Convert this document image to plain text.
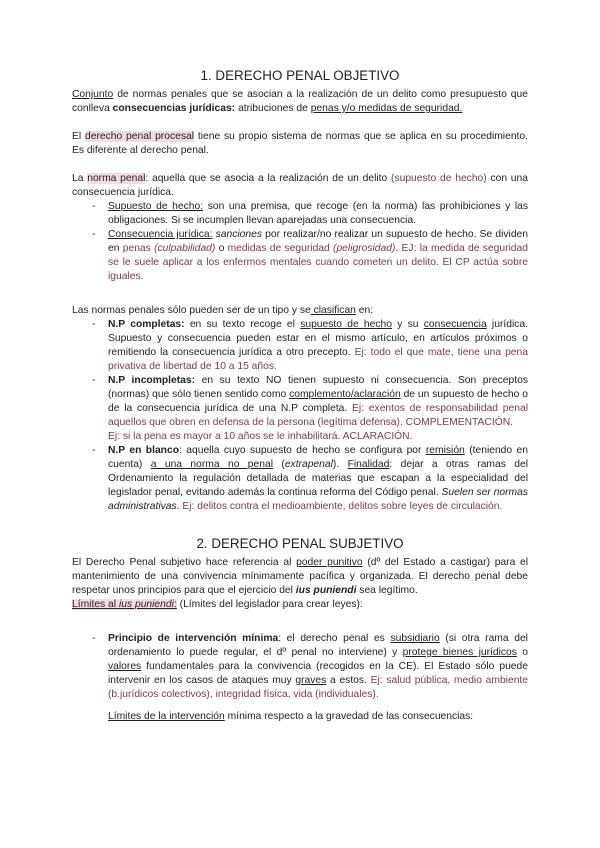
1. DERECHO PENAL OBJETIVO

Conjunto de normas penales que se asocian a la realización de un delito como presupuesto que conlleva consecuencias jurídicas: atribuciones de penas y/o medidas de seguridad.

El derecho penal procesal tiene su propio sistema de normas que se aplica en su procedimiento. Es diferente al derecho penal.

La norma penal: aquella que se asocia a la realización de un delito (supuesto de hecho) con una consecuencia jurídica.

- Supuesto de hecho: son una premisa, que recoge (en la norma) las prohibiciones y las obligaciones. Si se incumplen llevan aparejadas una consecuencia.
- Consecuencia jurídica: sanciones por realizar/no realizar un supuesto de hecho. Se dividen en penas (culpabilidad) o medidas de seguridad (peligrosidad). EJ: la medida de seguridad se le suele aplicar a los enfermos mentales cuando cometen un delito. El CP actúa sobre iguales.

Las normas penales sólo pueden ser de un tipo y se clasifican en:

- N.P completas: en su texto recoge el supuesto de hecho y su consecuencia jurídica. Supuesto y consecuencia pueden estar en el mismo artículo, en artículos próximos o remitiendo la consecuencia jurídica a otro precepto. Ej: todo el que mate, tiene una pena privativa de libertad de 10 a 15 años.
- N.P incompletas: en su texto NO tienen supuesto ni consecuencia. Son preceptos (normas) que sólo tienen sentido como complemento/aclaración de un supuesto de hecho o de la consecuencia jurídica de una N.P completa. Ej: exentos de responsabilidad penal aquellos que obren en defensa de la persona (legítima defensa). COMPLEMENTACIÓN.
Ej: si la pena es mayor a 10 años se le inhabilitará. ACLARACIÓN.
- N.P en blanco: aquella cuyo supuesto de hecho se configura por remisión (teniendo en cuenta) a una norma no penal (extrapenal). Finalidad: dejar a otras ramas del Ordenamiento la regulación detallada de materias que escapan a la especialidad del legislador penal, evitando además la continua reforma del Código penal. Suelen ser normas administrativas. Ej: delitos contra el medioambiente, delitos sobre leyes de circulación.
2. DERECHO PENAL SUBJETIVO

El Derecho Penal subjetivo hace referencia al poder punitivo (dº del Estado a castigar) para el mantenimiento de una convivencia mínimamente pacífica y organizada. El derecho penal debe respetar unos principios para que el ejercicio del ius puniendi sea legítimo.

Límites al ius puniendi: (Límites del legislador para crear leyes):

- Principio de intervención mínima: el derecho penal es subsidiario (si otra rama del ordenamiento lo puede regular, el dº penal no interviene) y protege bienes jurídicos o valores fundamentales para la convivencia (recogidos en la CE). El Estado sólo puede intervenir en los casos de ataques muy graves a estos. Ej: salud pública, medio ambiente (b.jurídicos colectivos), integridad física, vida (individuales).

Límites de la intervención mínima respecto a la gravedad de las consecuencias:
